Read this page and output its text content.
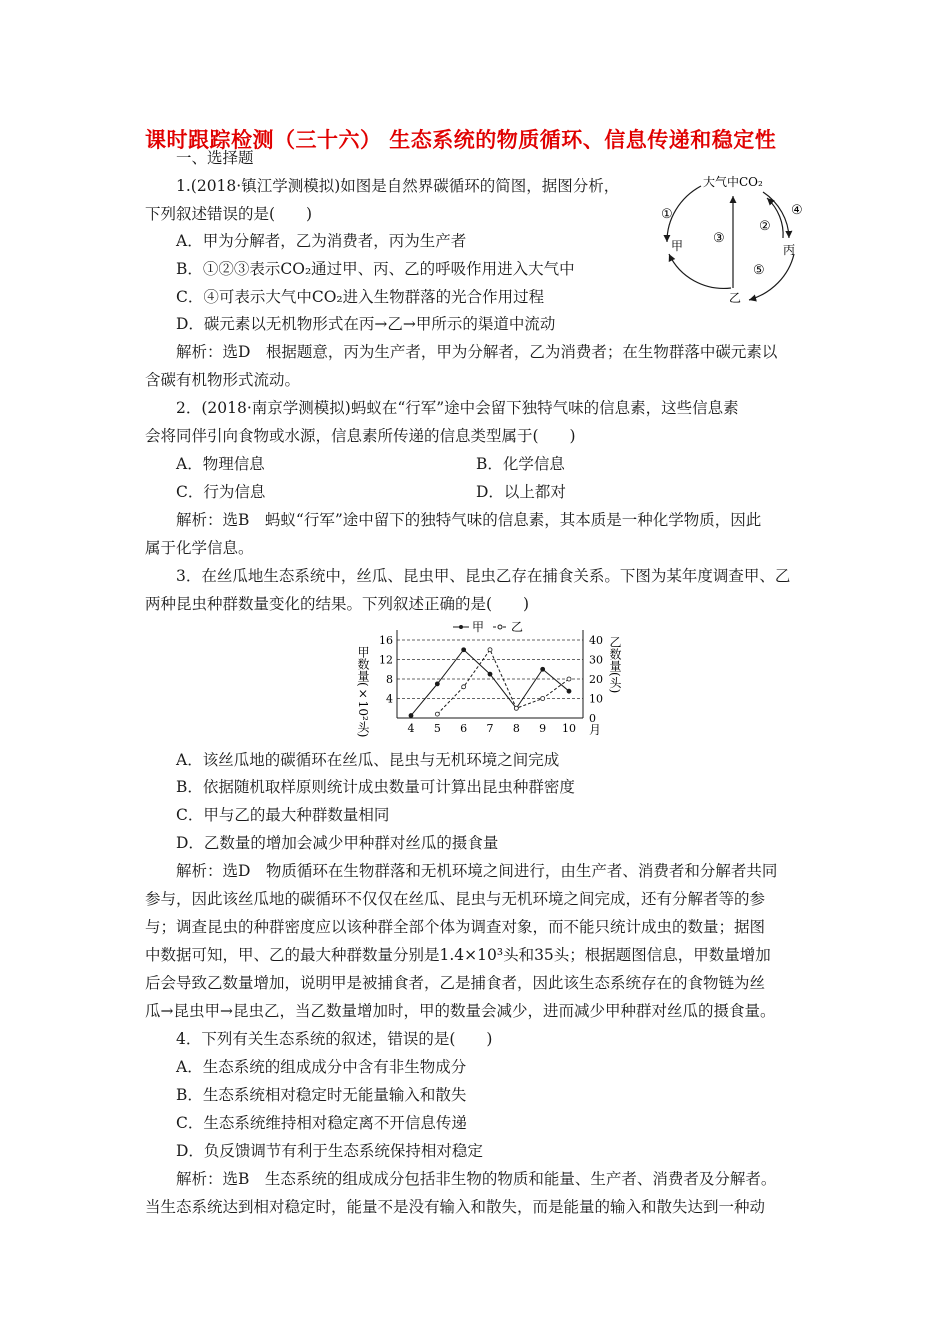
课时跟踪检测（三十六） 生态系统的物质循环、信息传递和稳定性
一、选择题
1.(2018·镇江学测模拟)如图是自然界碳循环的简图，据图分析，
下列叙述错误的是(　　)
A．甲为分解者，乙为消费者，丙为生产者
B．①②③表示CO₂通过甲、丙、乙的呼吸作用进入大气中
C．④可表示大气中CO₂进入生物群落的光合作用过程
D．碳元素以无机物形式在丙→乙→甲所示的渠道中流动
解析：选D　根据题意，丙为生产者，甲为分解者，乙为消费者；在生物群落中碳元素以
含碳有机物形式流动。
大气中CO₂
甲	丙
乙
①
②
③
④
⑤
2．(2018·南京学测模拟)蚂蚁在“行军”途中会留下独特气味的信息素，这些信息素
会将同伴引向食物或水源，信息素所传递的信息类型属于(　　)
A．物理信息	B．化学信息
C．行为信息	D．以上都对
解析：选B　蚂蚁“行军”途中留下的独特气味的信息素，其本质是一种化学物质，因此
属于化学信息。
3．在丝瓜地生态系统中，丝瓜、昆虫甲、昆虫乙存在捕食关系。下图为某年度调查甲、乙
两种昆虫种群数量变化的结果。下列叙述正确的是(　　)
4
8
12
16
0
10
20
30
40
4 5 6 7 8 9 10
甲数量(×10²头)	乙数量(头)
月
甲 乙
A．该丝瓜地的碳循环在丝瓜、昆虫与无机环境之间完成
B．依据随机取样原则统计成虫数量可计算出昆虫种群密度
C．甲与乙的最大种群数量相同
D．乙数量的增加会减少甲种群对丝瓜的摄食量
解析：选D　物质循环在生物群落和无机环境之间进行，由生产者、消费者和分解者共同
参与，因此该丝瓜地的碳循环不仅仅在丝瓜、昆虫与无机环境之间完成，还有分解者等的参
与；调查昆虫的种群密度应以该种群全部个体为调查对象，而不能只统计成虫的数量；据图
中数据可知，甲、乙的最大种群数量分别是1.4×10³头和35头；根据题图信息，甲数量增加
后会导致乙数量增加，说明甲是被捕食者，乙是捕食者，因此该生态系统存在的食物链为丝
瓜→昆虫甲→昆虫乙，当乙数量增加时，甲的数量会减少，进而减少甲种群对丝瓜的摄食量。
4．下列有关生态系统的叙述，错误的是(　　)
A．生态系统的组成成分中含有非生物成分
B．生态系统相对稳定时无能量输入和散失
C．生态系统维持相对稳定离不开信息传递
D．负反馈调节有利于生态系统保持相对稳定
解析：选B　生态系统的组成成分包括非生物的物质和能量、生产者、消费者及分解者。
当生态系统达到相对稳定时，能量不是没有输入和散失，而是能量的输入和散失达到一种动
